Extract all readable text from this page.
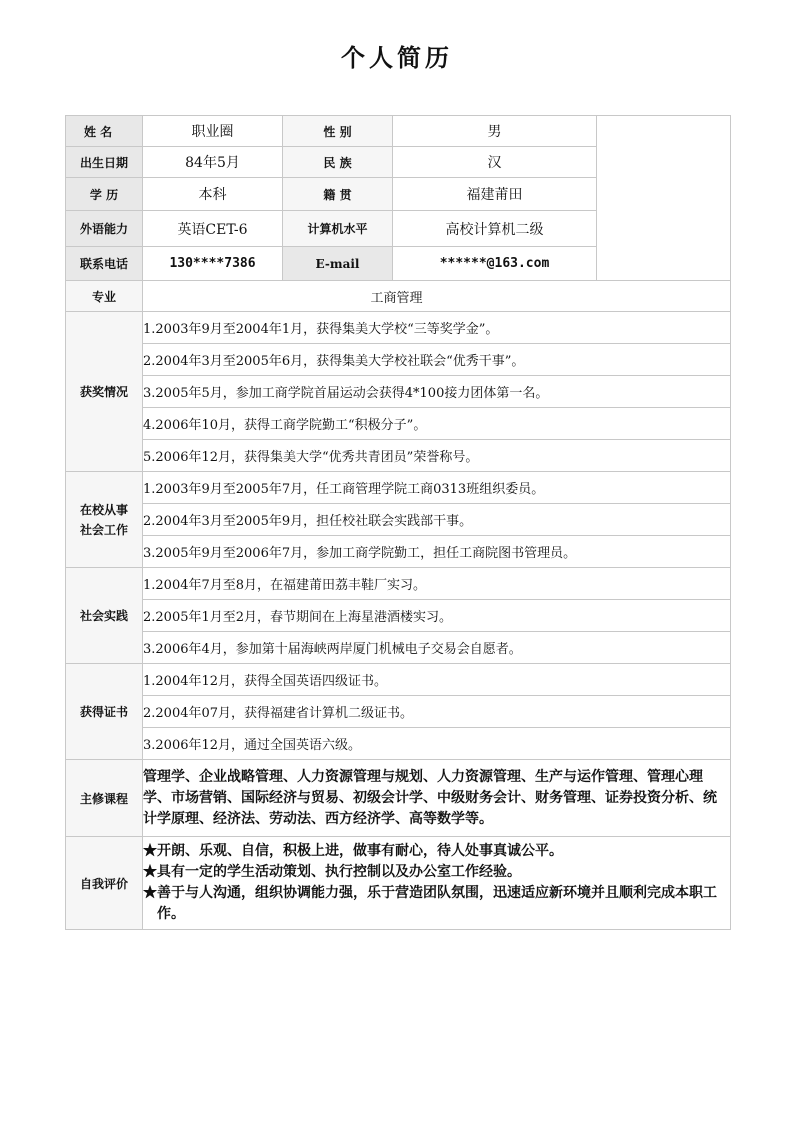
个人简历
姓 名	职业圈	性 别	男	
出生日期	84年5月	民 族	汉	
学 历	本科	籍 贯	福建莆田	
外语能力	英语CET-6	计算机水平	高校计算机二级	
联系电话	130****7386	E-mail	******@163.com	
专业	工商管理			
获奖情况	1.2003年9月至2004年1月，获得集美大学校“三等奖学金”。			
	2.2004年3月至2005年6月，获得集美大学校社联会“优秀干事”。			
	3.2005年5月，参加工商学院首届运动会获得4*100接力团体第一名。			
	4.2006年10月，获得工商学院勤工“积极分子”。			
	5.2006年12月，获得集美大学“优秀共青团员”荣誉称号。			

在校从事
社会工作	1.2003年9月至2005年7月，任工商管理学院工商0313班组织委员。			
	2.2004年3月至2005年9月，担任校社联会实践部干事。			
	3.2005年9月至2006年7月，参加工商学院勤工，担任工商院图书管理员。			
社会实践	1.2004年7月至8月，在福建莆田荔丰鞋厂实习。			
	2.2005年1月至2月，春节期间在上海星港酒楼实习。			
	3.2006年4月，参加第十届海峡两岸厦门机械电子交易会自愿者。			
获得证书	1.2004年12月，获得全国英语四级证书。			
	2.2004年07月，获得福建省计算机二级证书。			
	3.2006年12月，通过全国英语六级。			
主修课程	管理学、企业战略管理、人力资源管理与规划、人力资源管理、生产与运作管理、管理心理学、市场营销、国际经济与贸易、初级会计学、中级财务会计、财务管理、证券投资分析、统计学原理、经济法、劳动法、西方经济学、高等数学等。			
自我评价	★开朗、乐观、自信，积极上进，做事有耐心，待人处事真诚公平。
★具有一定的学生活动策划、执行控制以及办公室工作经验。
★善于与人沟通，组织协调能力强，乐于营造团队氛围，迅速适应新环境并且顺利完成本职工作。			
